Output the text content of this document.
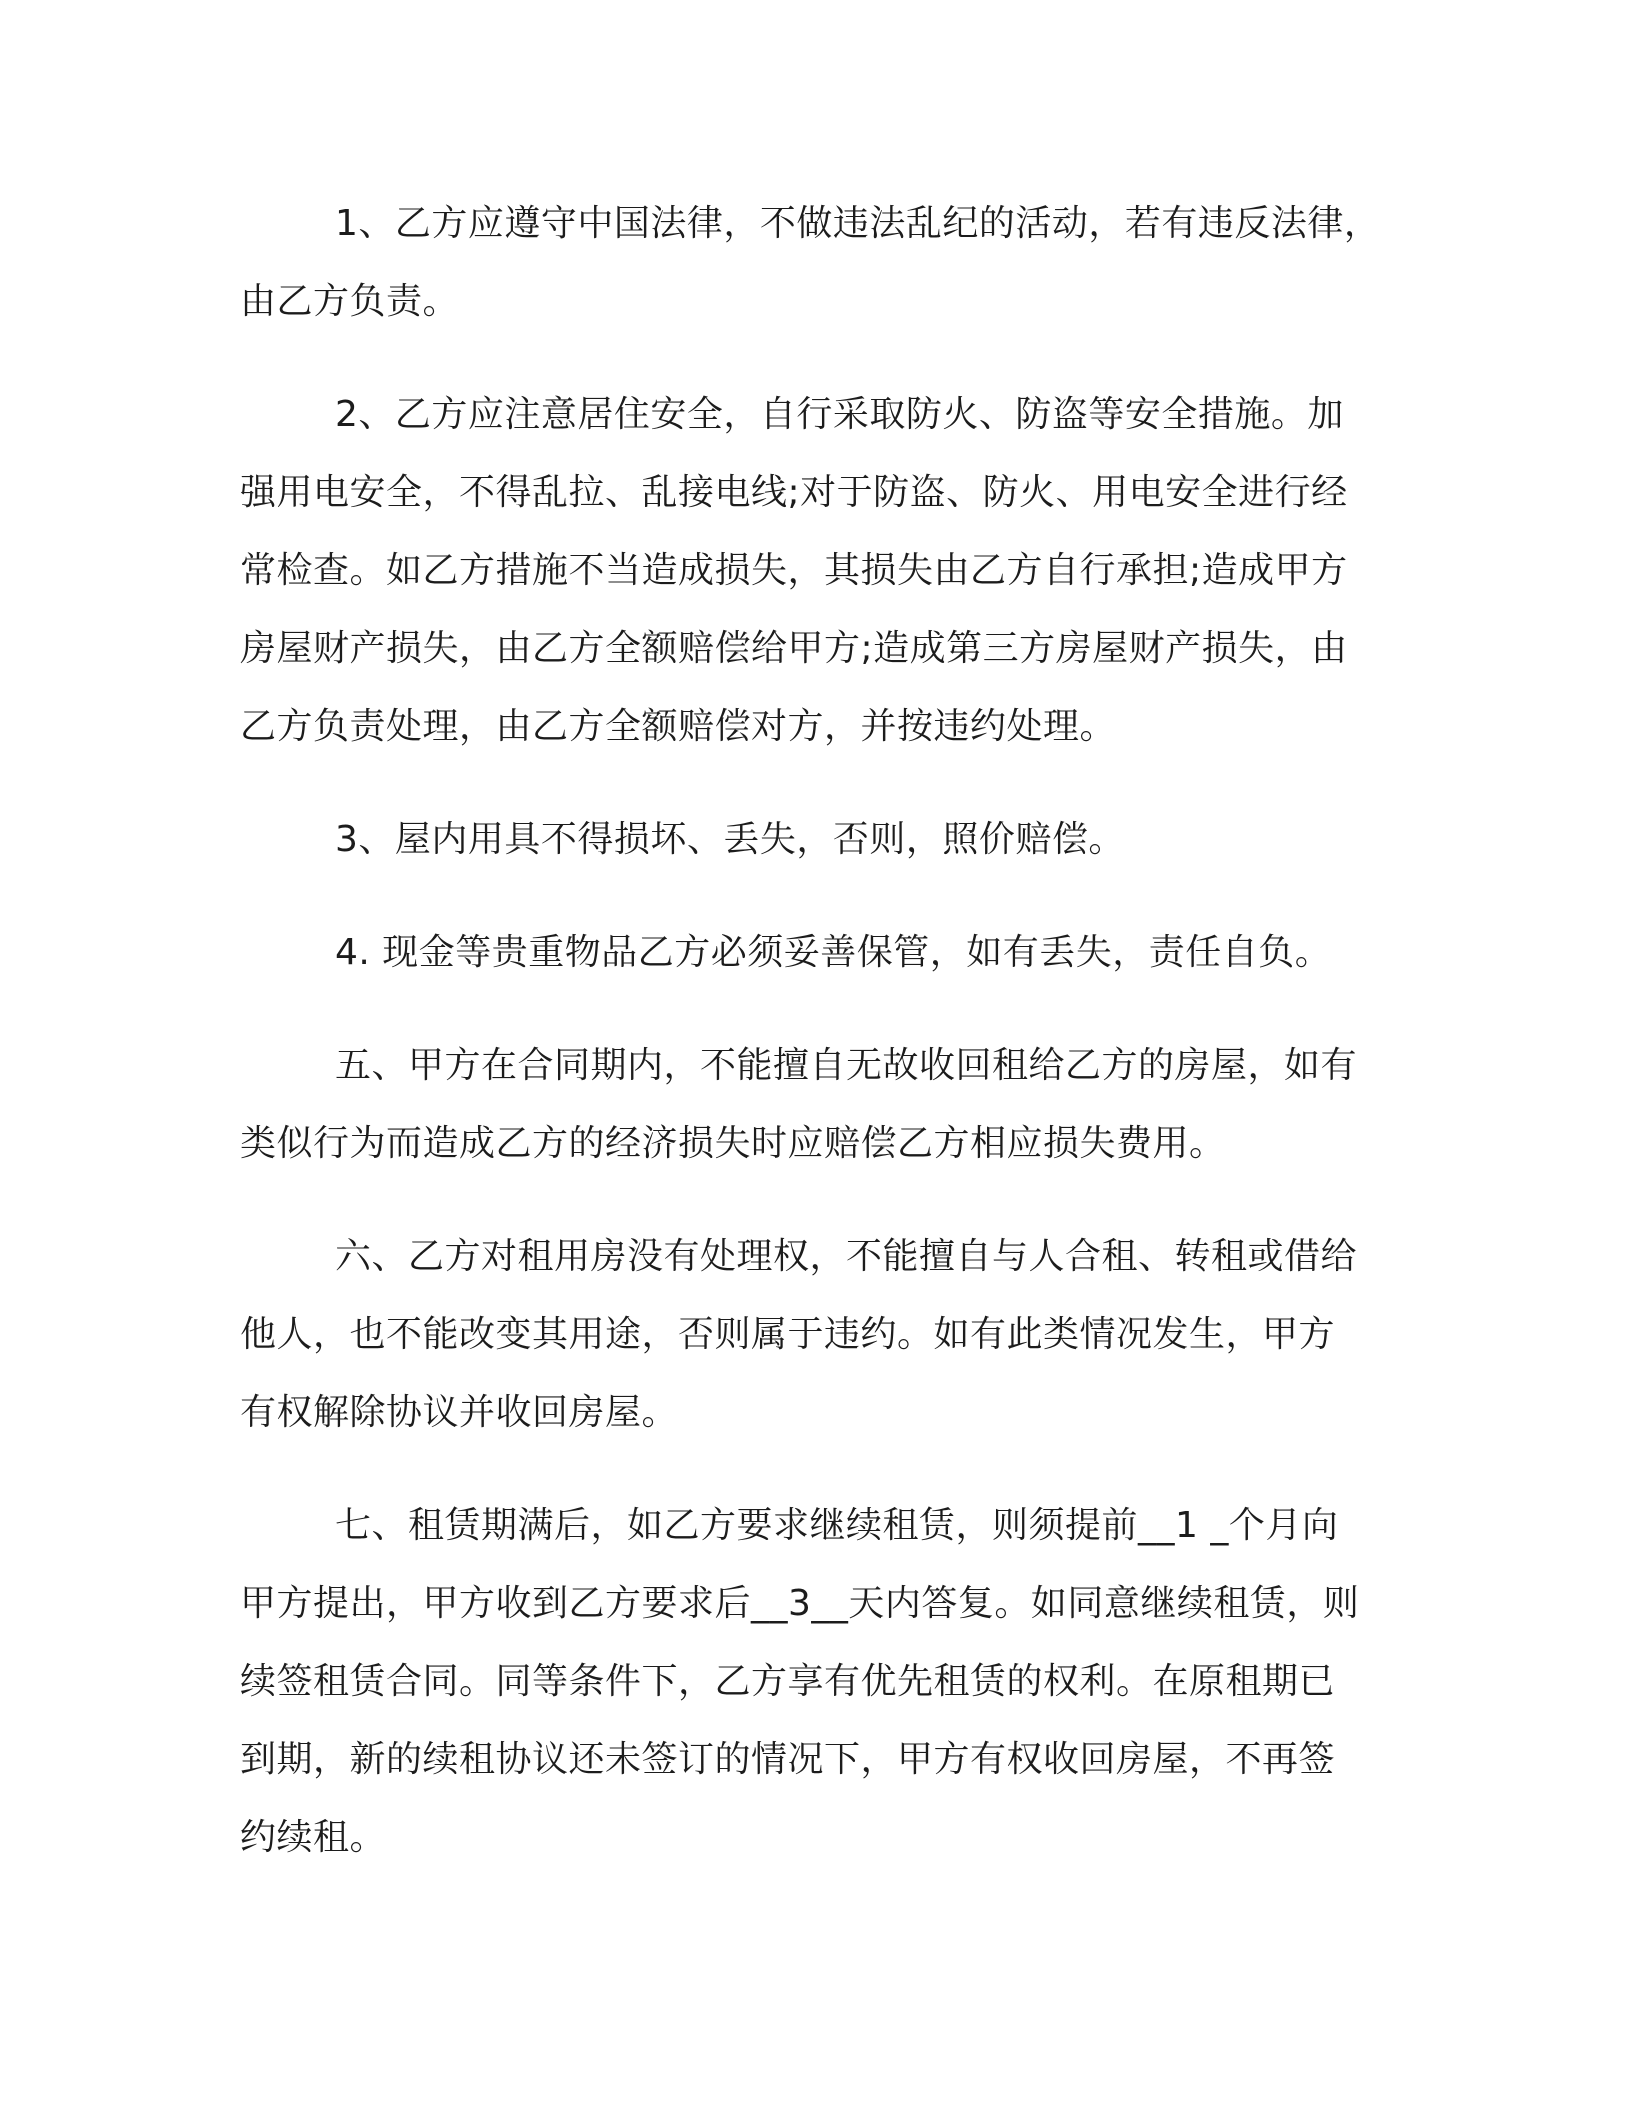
1、乙方应遵守中国法律，不做违法乱纪的活动，若有违反法律，
由乙方负责。

2、乙方应注意居住安全，自行采取防火、防盗等安全措施。加
强用电安全，不得乱拉、乱接电线;对于防盗、防火、用电安全进行经
常检查。如乙方措施不当造成损失，其损失由乙方自行承担;造成甲方
房屋财产损失，由乙方全额赔偿给甲方;造成第三方房屋财产损失，由
乙方负责处理，由乙方全额赔偿对方，并按违约处理。

3、屋内用具不得损坏、丢失，否则，照价赔偿。

4. 现金等贵重物品乙方必须妥善保管，如有丢失，责任自负。

五、甲方在合同期内，不能擅自无故收回租给乙方的房屋，如有
类似行为而造成乙方的经济损失时应赔偿乙方相应损失费用。

六、乙方对租用房没有处理权，不能擅自与人合租、转租或借给
他人，也不能改变其用途，否则属于违约。如有此类情况发生，甲方
有权解除协议并收回房屋。

七、租赁期满后，如乙方要求继续租赁，则须提前__1 _个月向
甲方提出，甲方收到乙方要求后__3__天内答复。如同意继续租赁，则
续签租赁合同。同等条件下，乙方享有优先租赁的权利。在原租期已
到期，新的续租协议还未签订的情况下，甲方有权收回房屋，不再签
约续租。
